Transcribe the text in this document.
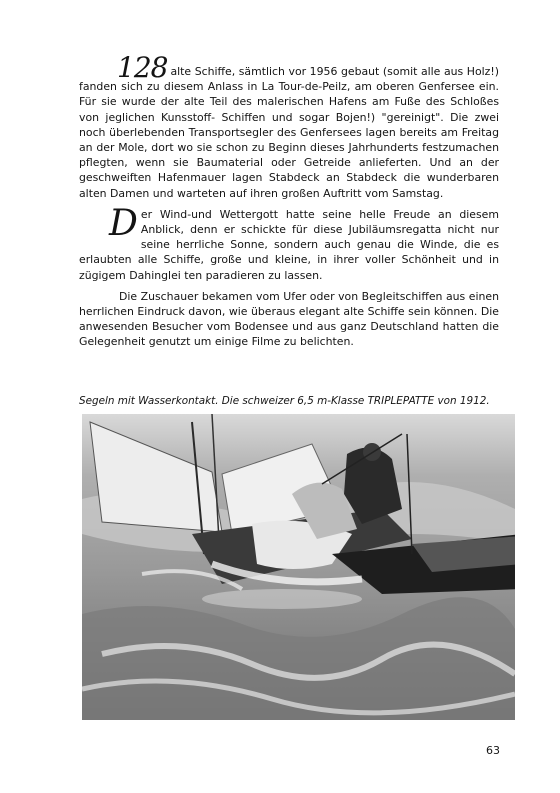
128 alte Schiffe, sämtlich vor 1956 gebaut (somit alle aus Holz!) fanden sich zu diesem Anlass in La Tour-de-Peilz, am oberen Genfersee ein. Für sie wurde der alte Teil des malerischen Hafens am Fuße des Schloßes von jeglichen Kunsstoff- Schiffen und sogar Bojen!) "gereinigt". Die zwei noch überlebenden Transportsegler des Genfersees lagen bereits am Freitag an der Mole, dort wo sie schon zu Beginn dieses Jahrhunderts festzumachen pflegten, wenn sie Baumaterial oder Getreide anlieferten. Und an der geschweiften Hafenmauer lagen Stabdeck an Stabdeck die wunderbaren alten Damen und warteten auf ihren großen Auftritt vom Samstag.

Der Wind-und Wettergott hatte seine helle Freude an diesem Anblick, denn er schickte für diese Jubiläumsregatta nicht nur seine herrliche Sonne, sondern auch genau die Winde, die es erlaubten alle Schiffe, große und kleine, in ihrer voller Schönheit und in zügigem Dahinglei ten paradieren zu lassen.

Die Zuschauer bekamen vom Ufer oder von Begleitschiffen aus einen herrlichen Eindruck davon, wie überaus elegant alte Schiffe sein können. Die anwesenden Besucher vom Bodensee und aus ganz Deutschland hatten die Gelegenheit genutzt um einige Filme zu belichten.

Segeln mit Wasserkontakt. Die schweizer 6,5 m-Klasse TRIPLEPATTE von 1912.
63
